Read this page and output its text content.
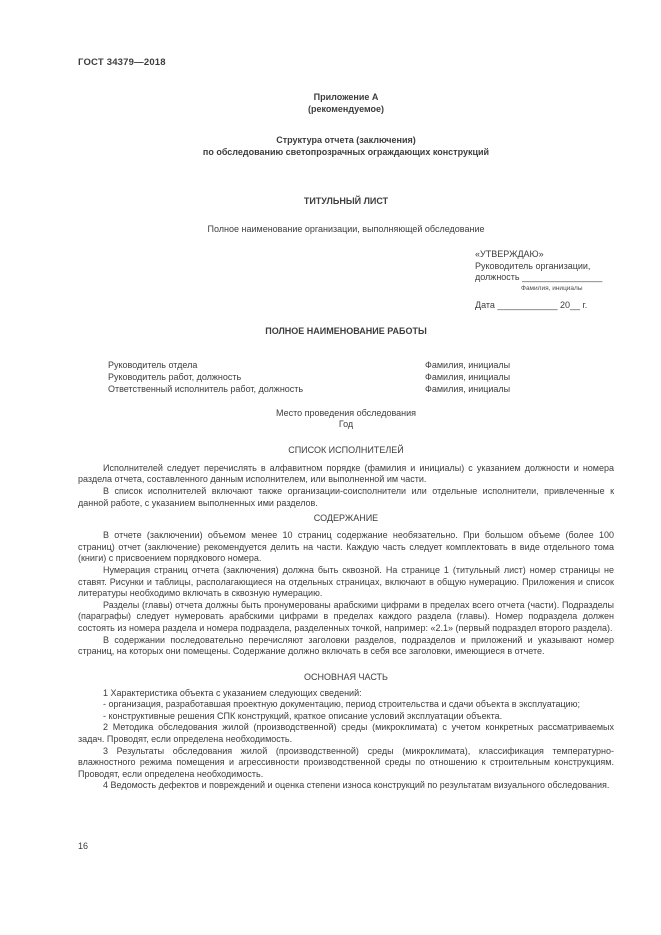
ГОСТ 34379—2018
Приложение А
(рекомендуемое)
Структура отчета (заключения)
по обследованию светопрозрачных ограждающих конструкций
ТИТУЛЬНЫЙ ЛИСТ
Полное наименование организации, выполняющей обследование
«УТВЕРЖДАЮ»
Руководитель организации,
должность ________________
Фамилия, инициалы
Дата ____________ 20__ г.
ПОЛНОЕ НАИМЕНОВАНИЕ РАБОТЫ
Руководитель отдела	Фамилия, инициалы
Руководитель работ, должность	Фамилия, инициалы
Ответственный исполнитель работ, должность	Фамилия, инициалы
Место проведения обследования
Год
СПИСОК ИСПОЛНИТЕЛЕЙ

Исполнителей следует перечислять в алфавитном порядке (фамилия и инициалы) с указанием должности и номера раздела отчета, составленного данным исполнителем, или выполненной им части.

В список исполнителей включают также организации-соисполнители или отдельные исполнители, привлеченные к данной работе, с указанием выполненных ими разделов.

СОДЕРЖАНИЕ

В отчете (заключении) объемом менее 10 страниц содержание необязательно. При большом объеме (более 100 страниц) отчет (заключение) рекомендуется делить на части. Каждую часть следует комплектовать в виде отдельного тома (книги) с присвоением порядкового номера.

Нумерация страниц отчета (заключения) должна быть сквозной. На странице 1 (титульный лист) номер страницы не ставят. Рисунки и таблицы, располагающиеся на отдельных страницах, включают в общую нумерацию. Приложения и список литературы необходимо включать в сквозную нумерацию.

Разделы (главы) отчета должны быть пронумерованы арабскими цифрами в пределах всего отчета (части). Подразделы (параграфы) следует нумеровать арабскими цифрами в пределах каждого раздела (главы). Номер подраздела должен состоять из номера раздела и номера подраздела, разделенных точкой, например: «2.1» (первый подраздел второго раздела).

В содержании последовательно перечисляют заголовки разделов, подразделов и приложений и указывают номер страниц, на которых они помещены. Содержание должно включать в себя все заголовки, имеющиеся в отчете.

ОСНОВНАЯ ЧАСТЬ

1 Характеристика объекта с указанием следующих сведений:

- организация, разработавшая проектную документацию, период строительства и сдачи объекта в эксплуатацию;

- конструктивные решения СПК конструкций, краткое описание условий эксплуатации объекта.

2 Методика обследования жилой (производственной) среды (микроклимата) с учетом конкретных рассматриваемых задач. Проводят, если определена необходимость.

3 Результаты обследования жилой (производственной) среды (микроклимата), классификация температурно-влажностного режима помещения и агрессивности производственной среды по отношению к строительным конструкциям. Проводят, если определена необходимость.

4 Ведомость дефектов и повреждений и оценка степени износа конструкций по результатам визуального обследования.

16
